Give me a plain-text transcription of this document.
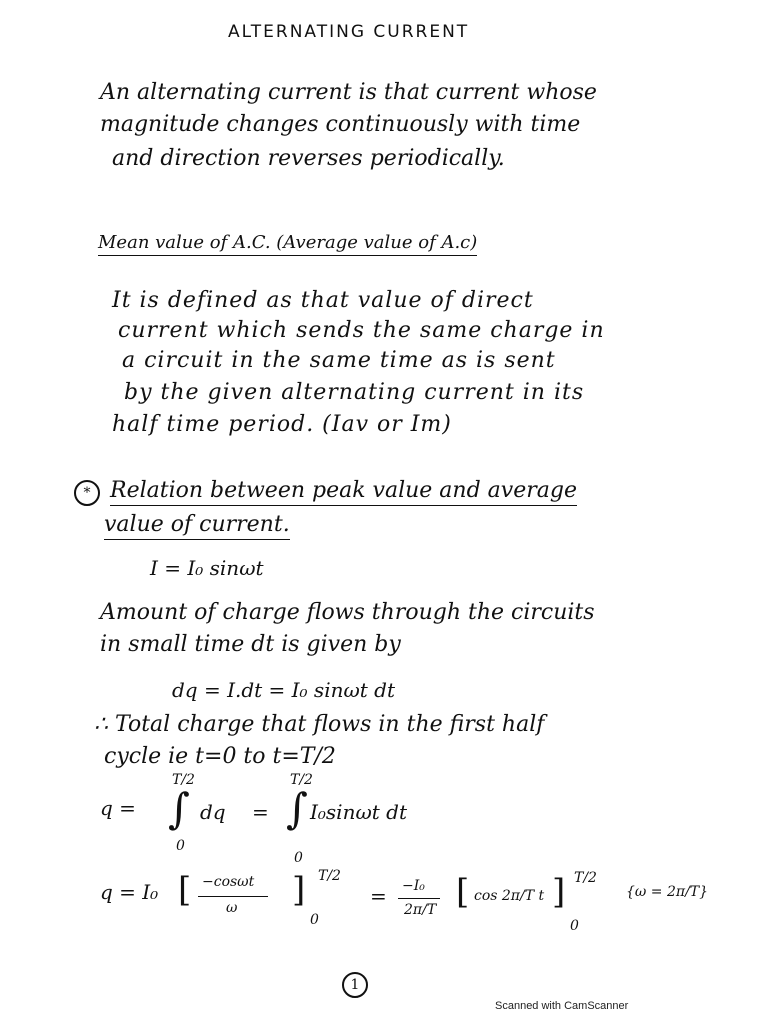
ALTERNATING CURRENT
An alternating current is that current whose
magnitude changes continuously with time
and direction reverses periodically.
Mean value of A.C. (Average value of A.c)
It is defined as that value of direct
current which sends the same charge in
a circuit in the same time as is sent
by the given alternating current in its
half time period. (Iav or Im)
* Relation between peak value and average
value of current.
I = I₀ sinωt
Amount of charge flows through the circuits
in small time dt is given by
dq = I.dt = I₀ sinωt dt
∴ Total charge that flows in the first half
cycle ie t=0 to t=T/2
q =
T/2
∫
0
dq =
T/2
∫
0
I₀sinωt dt
q = I₀ [ −cosωt
ω ] T/2
0
= −I₀
2π/T [ cos 2π/T t ] T/2
0
{ω = 2π/T}
1
Scanned with CamScanner
